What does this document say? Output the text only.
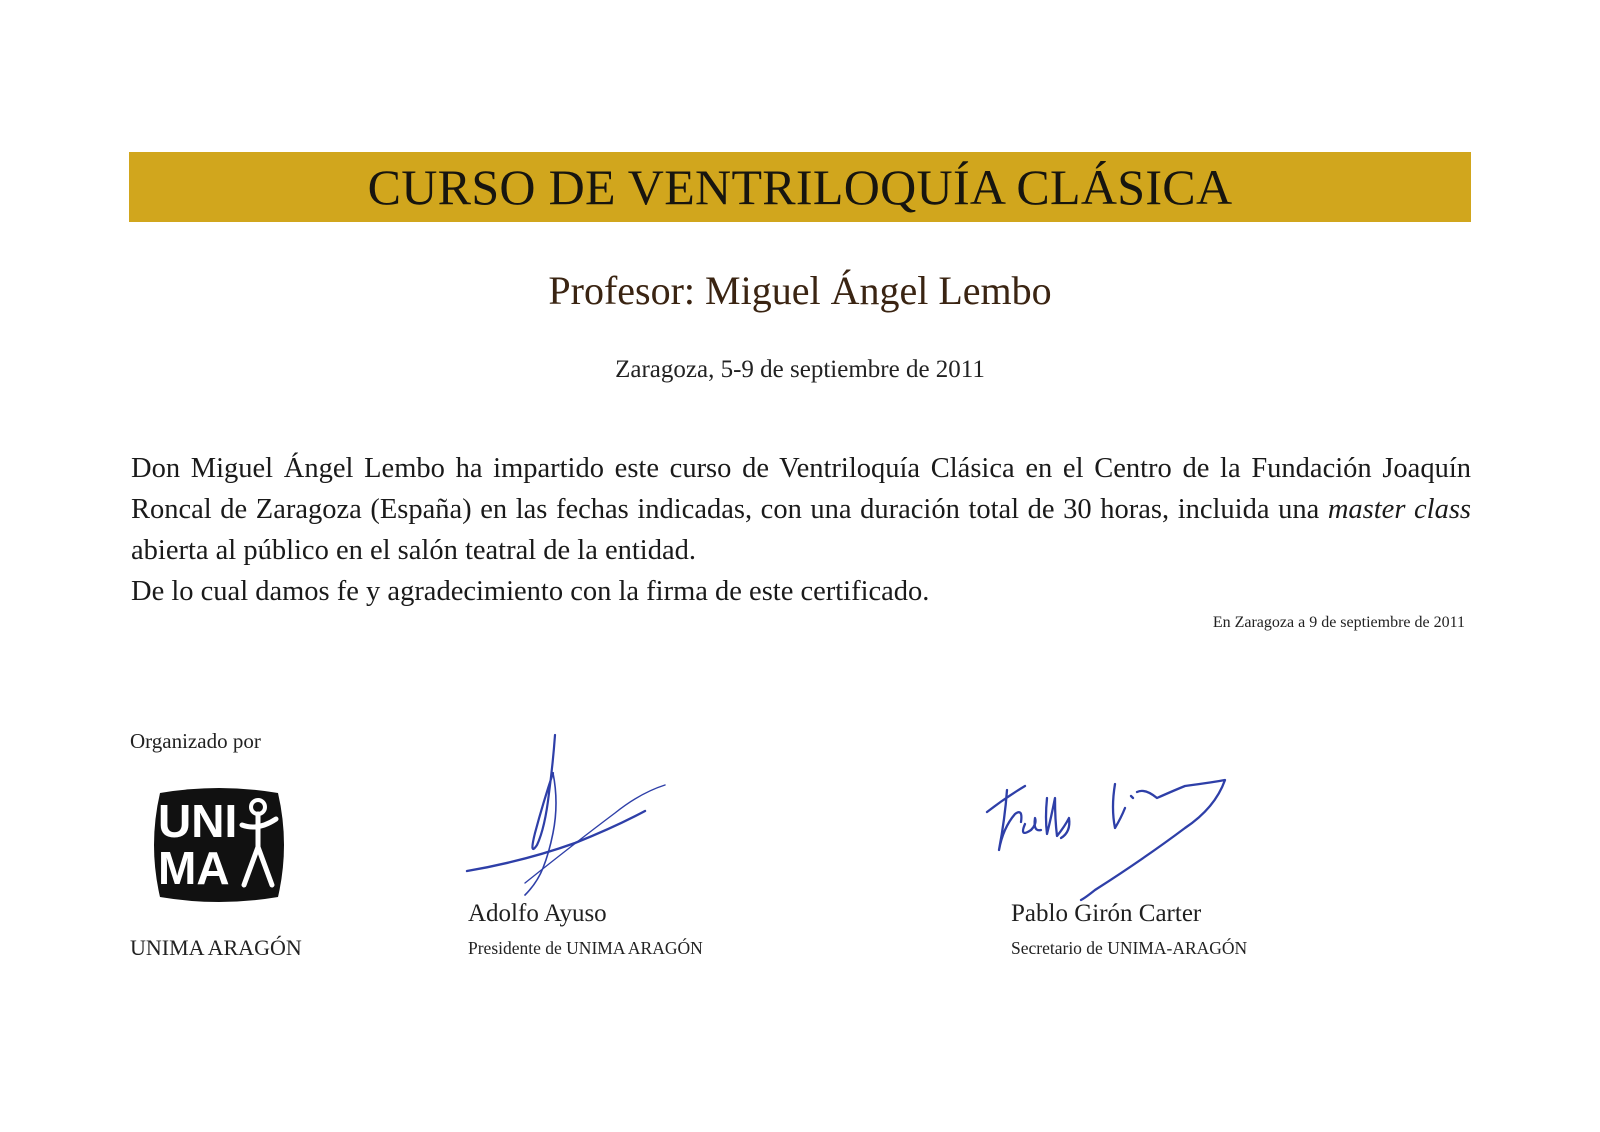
CURSO DE VENTRILOQUÍA CLÁSICA
Profesor: Miguel Ángel Lembo
Zaragoza, 5-9 de septiembre de 2011

Don Miguel Ángel Lembo ha impartido este curso de Ventriloquía Clásica en el Centro de la Fundación Joaquín Roncal de Zaragoza (España) en las fechas indicadas, con una duración total de 30 horas, incluida una master class abierta al público en el salón teatral de la entidad.

De lo cual damos fe y agradecimiento con la firma de este certificado.

En Zaragoza a 9 de septiembre de 2011
Organizado por
UNI
MA
UNIMA ARAGÓN
Adolfo Ayuso
Presidente de UNIMA ARAGÓN
Pablo Girón Carter
Secretario de UNIMA-ARAGÓN
